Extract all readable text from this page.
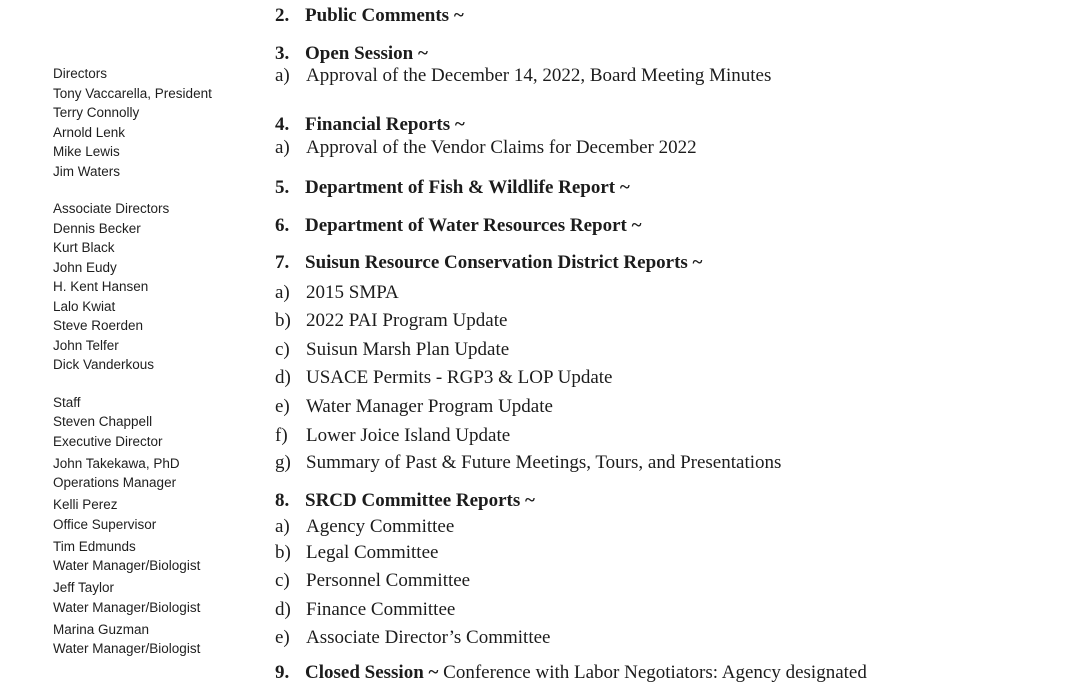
Directors
Tony Vaccarella, President
Terry Connolly
Arnold Lenk
Mike Lewis
Jim Waters
Associate Directors
Dennis Becker
Kurt Black
John Eudy
H. Kent Hansen
Lalo Kwiat
Steve Roerden
John Telfer
Dick Vanderkous
Staff
Steven Chappell
Executive Director
John Takekawa, PhD
Operations Manager
Kelli Perez
Office Supervisor
Tim Edmunds
Water Manager/Biologist
Jeff Taylor
Water Manager/Biologist
Marina Guzman
Water Manager/Biologist
2. Public Comments ~
3. Open Session ~
a) Approval of the December 14, 2022, Board Meeting Minutes
4. Financial Reports ~
a) Approval of the Vendor Claims for December 2022
5. Department of Fish & Wildlife Report ~
6. Department of Water Resources Report ~
7. Suisun Resource Conservation District Reports ~
a) 2015 SMPA
b) 2022 PAI Program Update
c) Suisun Marsh Plan Update
d) USACE Permits - RGP3 & LOP Update
e) Water Manager Program Update
f) Lower Joice Island Update
g) Summary of Past & Future Meetings, Tours, and Presentations
8. SRCD Committee Reports ~
a) Agency Committee
b) Legal Committee
c) Personnel Committee
d) Finance Committee
e) Associate Director’s Committee
9. Closed Session ~ Conference with Labor Negotiators: Agency designated
